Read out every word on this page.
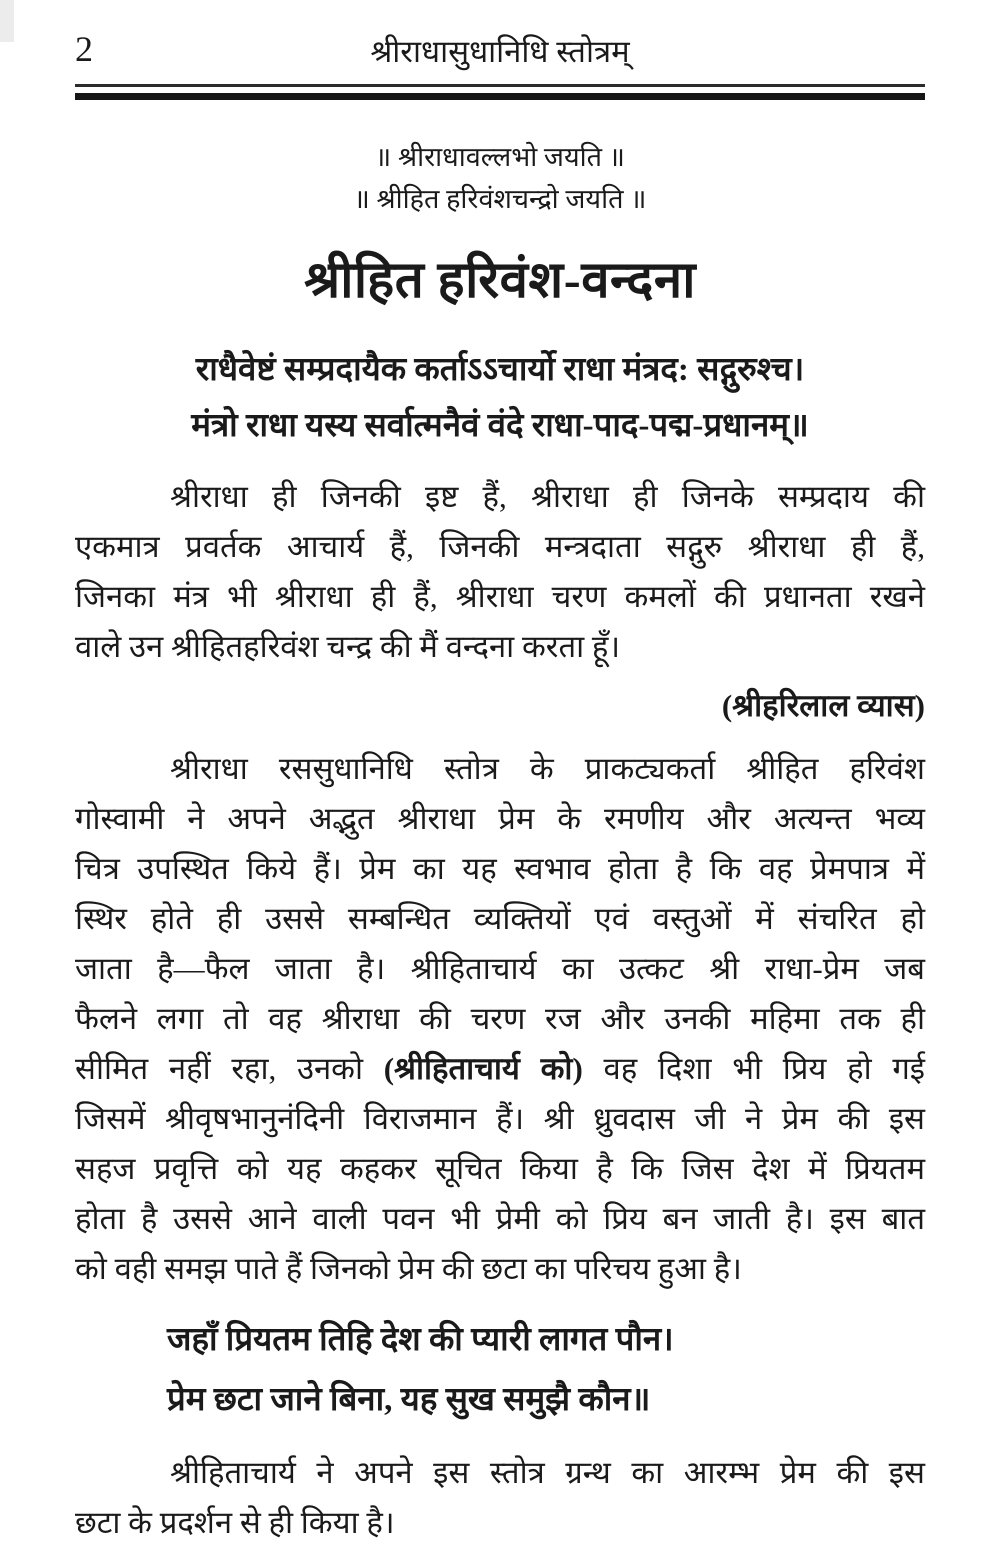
2	श्रीराधासुधानिधि स्तोत्रम्
॥ श्रीराधावल्लभो जयति ॥
॥ श्रीहित हरिवंशचन्द्रो जयति ॥
श्रीहित हरिवंश-वन्दना
राधैवेष्टं सम्प्रदायैक कर्ताऽऽचार्यो राधा मंत्रद: सद्गुरुश्च।
मंत्रो राधा यस्य सर्वात्मनैवं वंदे राधा-पाद-पद्म-प्रधानम्॥
श्रीराधा ही जिनकी इष्ट हैं, श्रीराधा ही जिनके सम्प्रदाय की
एकमात्र प्रवर्तक आचार्य हैं, जिनकी मन्त्रदाता सद्गुरु श्रीराधा ही हैं,
जिनका मंत्र भी श्रीराधा ही हैं, श्रीराधा चरण कमलों की प्रधानता रखने
वाले उन श्रीहितहरिवंश चन्द्र की मैं वन्दना करता हूँ।
(श्रीहरिलाल व्यास)
श्रीराधा रससुधानिधि स्तोत्र के प्राकट्यकर्ता श्रीहित हरिवंश
गोस्वामी ने अपने अद्भुत श्रीराधा प्रेम के रमणीय और अत्यन्त भव्य
चित्र उपस्थित किये हैं। प्रेम का यह स्वभाव होता है कि वह प्रेमपात्र में
स्थिर होते ही उससे सम्बन्धित व्यक्तियों एवं वस्तुओं में संचरित हो
जाता है—फैल जाता है। श्रीहिताचार्य का उत्कट श्री राधा-प्रेम जब
फैलने लगा तो वह श्रीराधा की चरण रज और उनकी महिमा तक ही
सीमित नहीं रहा, उनको (श्रीहिताचार्य को) वह दिशा भी प्रिय हो गई
जिसमें श्रीवृषभानुनंदिनी विराजमान हैं। श्री ध्रुवदास जी ने प्रेम की इस
सहज प्रवृत्ति को यह कहकर सूचित किया है कि जिस देश में प्रियतम
होता है उससे आने वाली पवन भी प्रेमी को प्रिय बन जाती है। इस बात
को वही समझ पाते हैं जिनको प्रेम की छटा का परिचय हुआ है।
जहाँ प्रियतम तिहि देश की प्यारी लागत पौन।
प्रेम छटा जाने बिना, यह सुख समुझै कौन॥
श्रीहिताचार्य ने अपने इस स्तोत्र ग्रन्थ का आरम्भ प्रेम की इस
छटा के प्रदर्शन से ही किया है।
